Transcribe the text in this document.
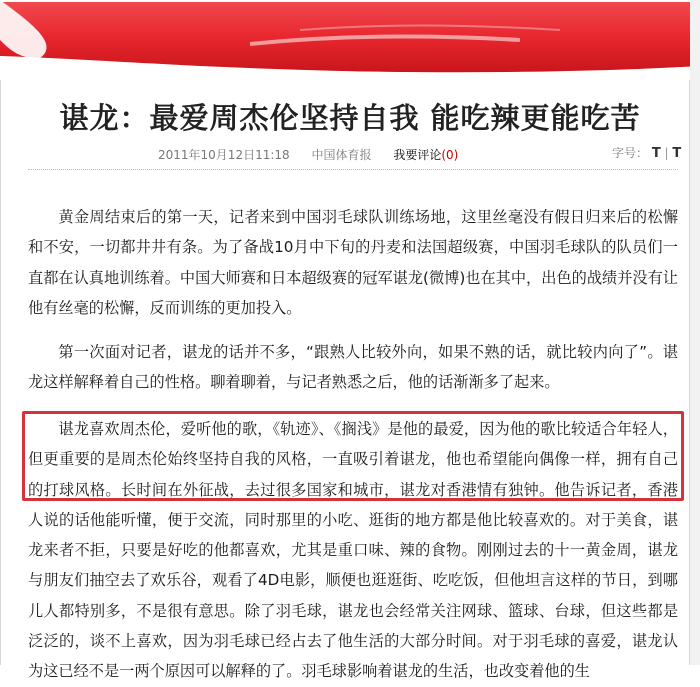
谌龙：最爱周杰伦坚持自我 能吃辣更能吃苦
2011年10月12日11:18 中国体育报 我要评论(0)	字号： T | T

黄金周结束后的第一天，记者来到中国羽毛球队训练场地，这里丝毫没有假日归来后的松懈和不安，一切都井井有条。为了备战10月中下旬的丹麦和法国超级赛，中国羽毛球队的队员们一直都在认真地训练着。中国大师赛和日本超级赛的冠军谌龙(微博)也在其中，出色的战绩并没有让他有丝毫的松懈，反而训练的更加投入。

第一次面对记者，谌龙的话并不多，“跟熟人比较外向，如果不熟的话，就比较内向了”。谌龙这样解释着自己的性格。聊着聊着，与记者熟悉之后，他的话渐渐多了起来。

谌龙喜欢周杰伦，爱听他的歌，《轨迹》、《搁浅》是他的最爱，因为他的歌比较适合年轻人，但更重要的是周杰伦始终坚持自我的风格，一直吸引着谌龙，他也希望能向偶像一样，拥有自己的打球风格。长时间在外征战，去过很多国家和城市，谌龙对香港情有独钟。他告诉记者，香港人说的话他能听懂，便于交流，同时那里的小吃、逛街的地方都是他比较喜欢的。对于美食，谌龙来者不拒，只要是好吃的他都喜欢，尤其是重口味、辣的食物。刚刚过去的十一黄金周，谌龙与朋友们抽空去了欢乐谷，观看了4D电影，顺便也逛逛街、吃吃饭，但他坦言这样的节日，到哪儿人都特别多，不是很有意思。除了羽毛球，谌龙也会经常关注网球、篮球、台球，但这些都是泛泛的，谈不上喜欢，因为羽毛球已经占去了他生活的大部分时间。对于羽毛球的喜爱，谌龙认为这已经不是一两个原因可以解释的了。羽毛球影响着谌龙的生活，也改变着他的生
